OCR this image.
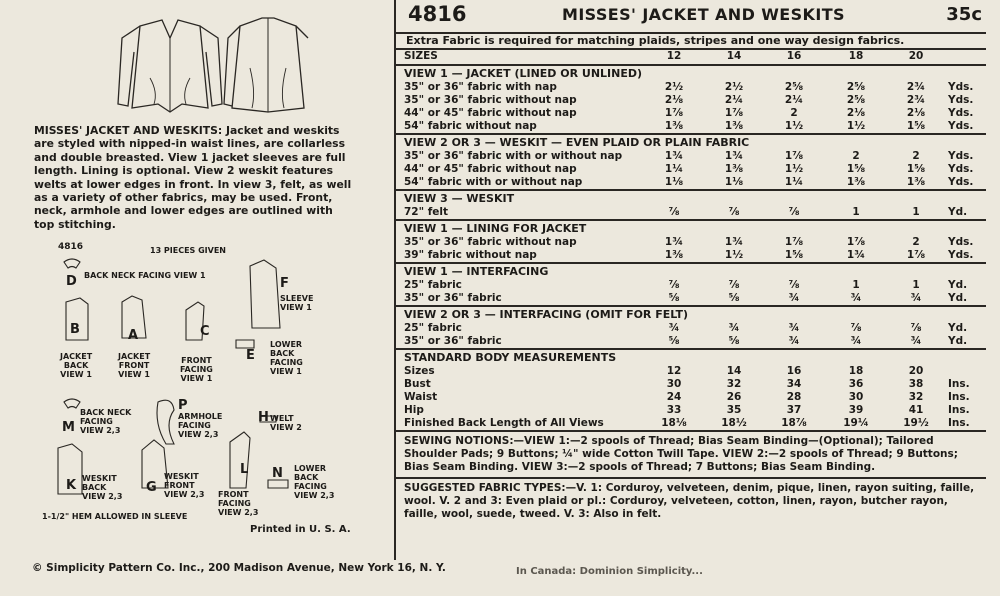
MISSES' JACKET AND WESKITS: Jacket and weskits are styled with nipped-in waist lines, are collarless and double breasted. View 1 jacket sleeves are full length. Lining is optional. View 2 weskit features welts at lower edges in front. In view 3, felt, as well as a variety of other fabrics, may be used. Front, neck, armhole and lower edges are outlined with top stitching.
4816	13 PIECES GIVEN
BACK NECK FACING VIEW 1
D	F
SLEEVE
VIEW 1
B
JACKET
BACK
VIEW 1
A
JACKET
FRONT
VIEW 1
C
FRONT
FACING
VIEW 1
E
LOWER
BACK
FACING
VIEW 1
M
BACK NECK
FACING
VIEW 2,3
P
ARMHOLE
FACING
VIEW 2,3
H WELT
VIEW 2
K WESKIT
BACK
VIEW 2,3
G
WESKIT
FRONT
VIEW 2,3
L
FRONT
FACING
VIEW 2,3
N LOWER
BACK
FACING
VIEW 2,3
1-1/2" HEM ALLOWED IN SLEEVE
Printed in U. S. A.
4816	MISSES' JACKET AND WESKITS	35c
Extra Fabric is required for matching plaids, stripes and one way design fabrics.
SIZES	12	14	16	18	20
VIEW 1 — JACKET (LINED OR UNLINED)
35" or 36" fabric with nap	2½	2½	2⅝	2⅝	2¾	Yds.
35" or 36" fabric without nap	2⅛	2¼	2¼	2⅝	2¾	Yds.
44" or 45" fabric without nap	1⅞	1⅞	2	2⅛	2⅛	Yds.
54" fabric without nap	1⅜	1⅜	1½	1½	1⅝	Yds.
VIEW 2 OR 3 — WESKIT — EVEN PLAID OR PLAIN FABRIC
35" or 36" fabric with or without nap	1¾	1¾	1⅞	2	2	Yds.
44" or 45" fabric without nap	1¼	1⅜	1½	1⅝	1⅝	Yds.
54" fabric with or without nap	1⅛	1⅛	1¼	1⅜	1⅜	Yds.
VIEW 3 — WESKIT
72" felt	⅞	⅞	⅞	1	1	Yd.
VIEW 1 — LINING FOR JACKET
35" or 36" fabric without nap	1¾	1¾	1⅞	1⅞	2	Yds.
39" fabric without nap	1⅜	1½	1⅝	1¾	1⅞	Yds.
VIEW 1 — INTERFACING
25" fabric	⅞	⅞	⅞	1	1	Yd.
35" or 36" fabric	⅝	⅝	¾	¾	¾	Yd.
VIEW 2 OR 3 — INTERFACING (OMIT FOR FELT)
25" fabric	¾	¾	¾	⅞	⅞	Yd.
35" or 36" fabric	⅝	⅝	¾	¾	¾	Yd.
STANDARD BODY MEASUREMENTS
Sizes	12	14	16	18	20
Bust	30	32	34	36	38	Ins.
Waist	24	26	28	30	32	Ins.
Hip	33	35	37	39	41	Ins.
Finished Back Length of All Views	18⅛	18½	18⅞	19¼	19½	Ins.
SEWING NOTIONS:—VIEW 1:—2 spools of Thread; Bias Seam Binding—(Optional); Tailored Shoulder Pads; 9 Buttons; ¼" wide Cotton Twill Tape. VIEW 2:—2 spools of Thread; 9 Buttons; Bias Seam Binding. VIEW 3:—2 spools of Thread; 7 Buttons; Bias Seam Binding.
SUGGESTED FABRIC TYPES:—V. 1: Corduroy, velveteen, denim, pique, linen, rayon suiting, faille, wool. V. 2 and 3: Even plaid or pl.: Corduroy, velveteen, cotton, linen, rayon, butcher rayon, faille, wool, suede, tweed. V. 3: Also in felt.
© Simplicity Pattern Co. Inc., 200 Madison Avenue, New York 16, N. Y.	In Canada: Dominion Simplicity...
